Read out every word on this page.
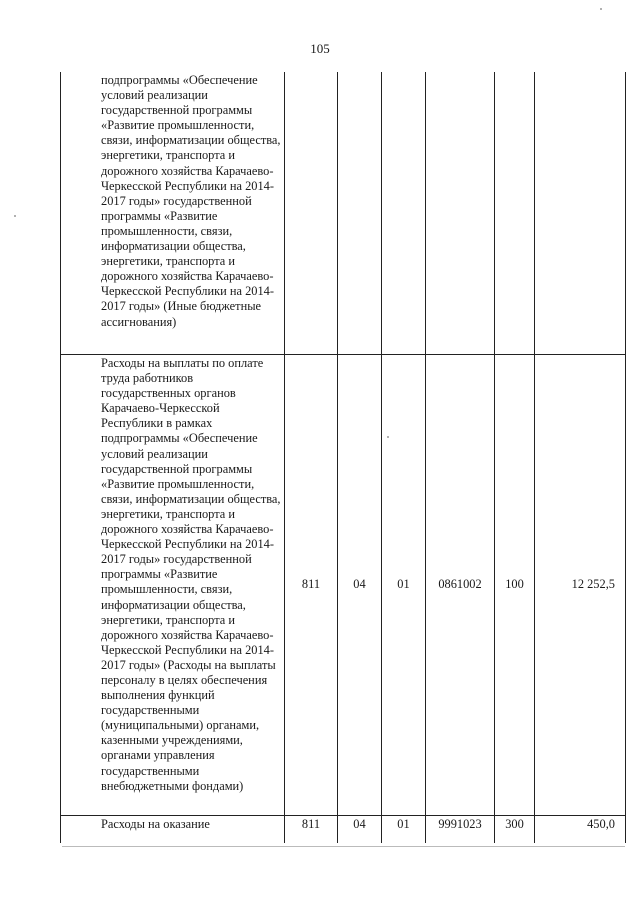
105
подпрограммы «Обеспечение условий реализации государственной программы «Развитие промышленности, связи, информатизации общества, энергетики, транспорта и дорожного хозяйства Карачаево-Черкесской Республики на 2014-2017 годы» государственной программы «Развитие промышленности, связи, информатизации общества, энергетики, транспорта и дорожного хозяйства Карачаево-Черкесской Республики на 2014-2017 годы» (Иные бюджетные ассигнования)						
Расходы на выплаты по оплате труда работников государственных органов Карачаево-Черкесской Республики в рамках подпрограммы «Обеспечение условий реализации государственной программы «Развитие промышленности, связи, информатизации общества, энергетики, транспорта и дорожного хозяйства Карачаево-Черкесской Республики на 2014-2017 годы» государственной программы «Развитие промышленности, связи, информатизации общества, энергетики, транспорта и дорожного хозяйства Карачаево-Черкесской Республики на 2014-2017 годы» (Расходы на выплаты персоналу в целях обеспечения выполнения функций государственными (муниципальными) органами, казенными учреждениями, органами управления государственными внебюджетными фондами)	811	04	01	0861002	100	12 252,5
Расходы на оказание	811	04	01	9991023	300	450,0
